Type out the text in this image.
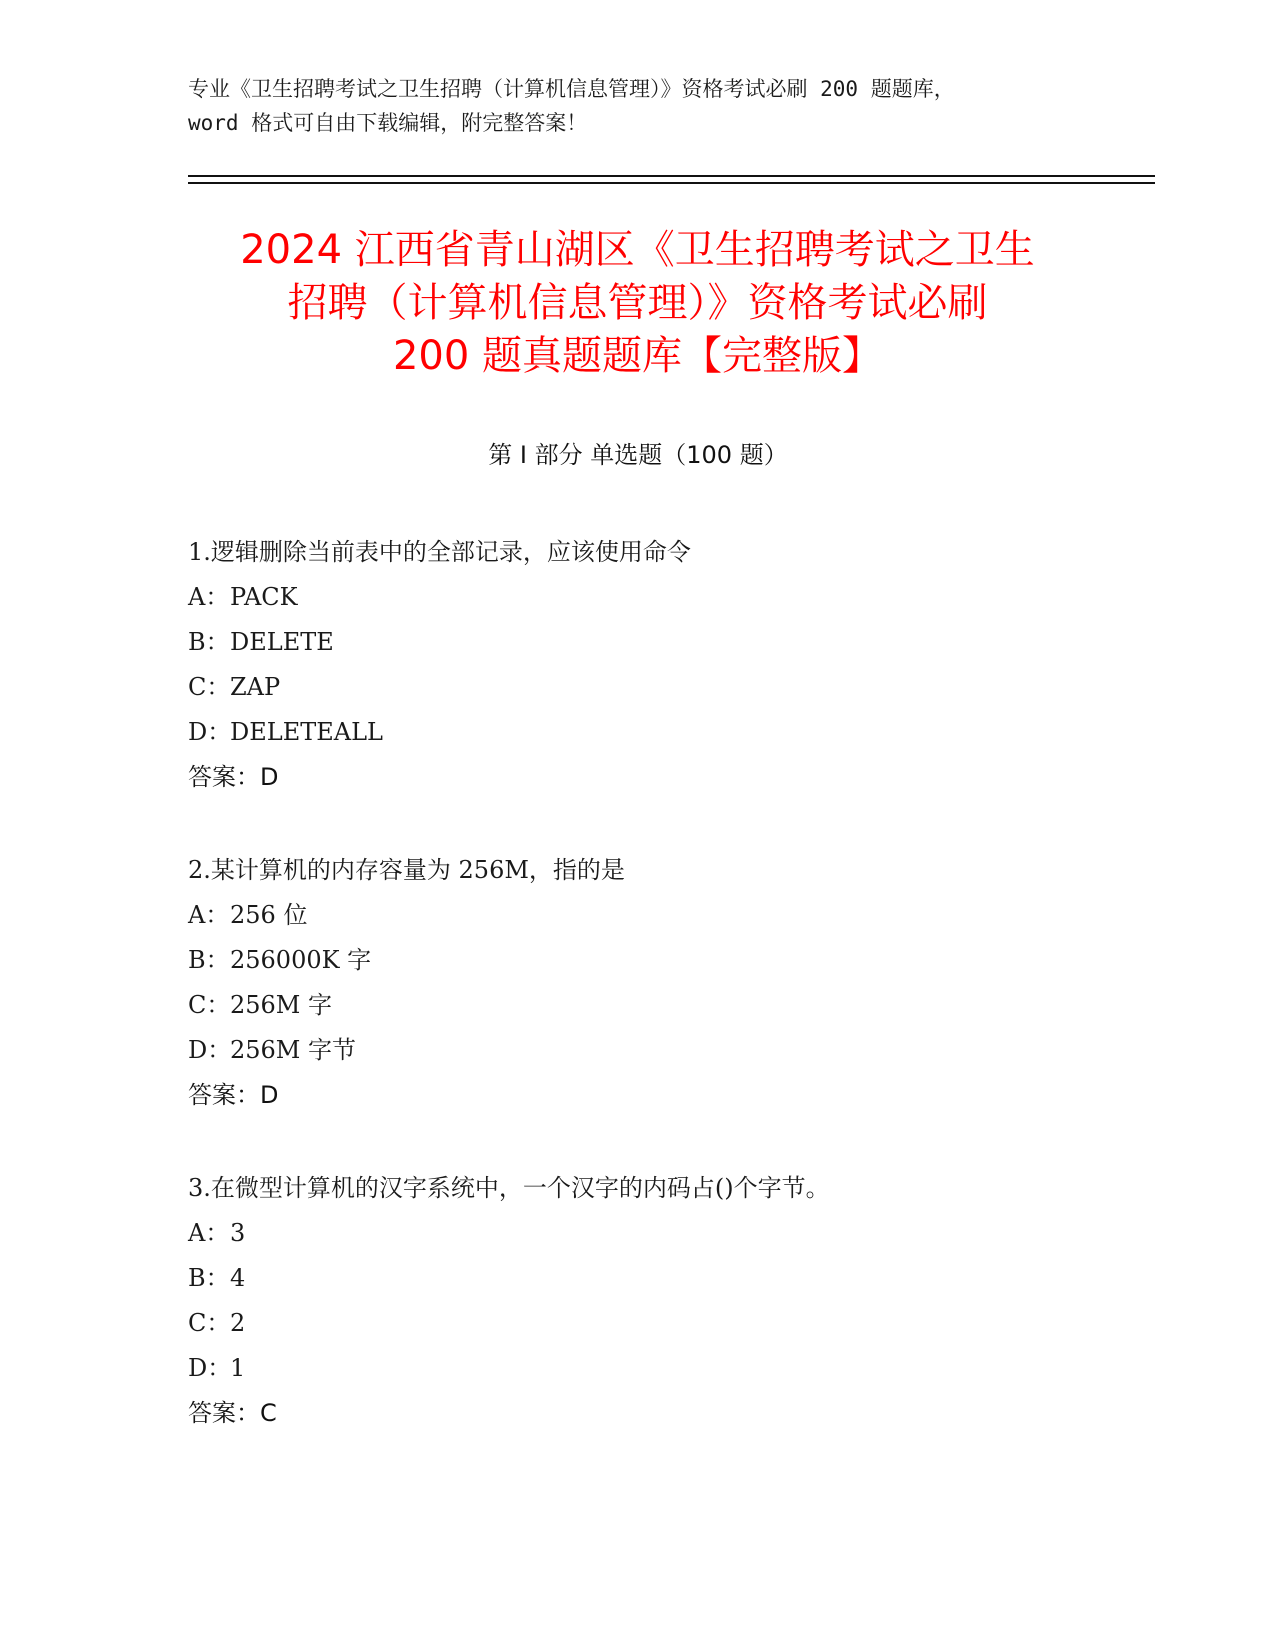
专业《卫生招聘考试之卫生招聘（计算机信息管理）》资格考试必刷 200 题题库，
word 格式可自由下载编辑，附完整答案！
2024 江西省青山湖区《卫生招聘考试之卫生
招聘（计算机信息管理）》资格考试必刷
200 题真题题库【完整版】
第 I 部分 单选题（100 题）
1.逻辑删除当前表中的全部记录，应该使用命令
A：PACK
B：DELETE
C：ZAP
D：DELETEALL
答案：D
2.某计算机的内存容量为 256M，指的是
A：256 位
B：256000K 字
C：256M 字
D：256M 字节
答案：D
3.在微型计算机的汉字系统中，一个汉字的内码占()个字节。
A：3
B：4
C：2
D：1
答案：C
